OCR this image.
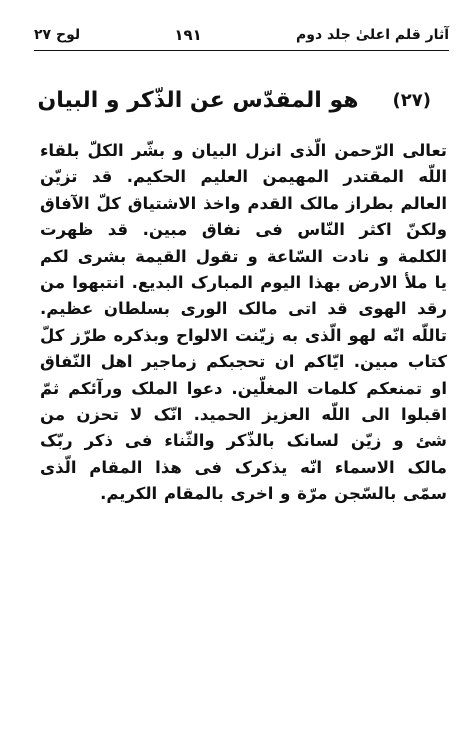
آثار قلم اعلیٰ جلد دوم
۱۹۱
لوح ۲۷
(۲۷)
هو المقدّس عن الذّکر و البیان
تعالی الرّحمن الّذی انزل البیان و بشّر الکلّ بلقاء اللّه المقتدر المهیمن العلیم الحکیم. قد تزیّن العالم بطراز مالک القدم واخذ الاشتیاق کلّ الآفاق ولکنّ اکثر النّاس فی نفاق مبین. قد ظهرت الکلمة و نادت السّاعة و تقول القیمة بشری لکم یا ملأ الارض بهذا الیوم المبارک البدیع. انتبهوا من رقد الهوی قد اتی مالک الوری بسلطان عظیم. تاللّه انّه لهو الّذی به زیّنت الالواح وبذکره طرّز کلّ کتاب مبین. ایّاکم ان تحجبکم زماجیر اهل النّفاق او تمنعکم کلمات المغلّین. دعوا الملک ورآئکم ثمّ اقبلوا الی اللّه العزیز الحمید. انّک لا تحزن من شئ و زیّن لسانک بالذّکر والثّناء فی ذکر ربّک مالک الاسماء انّه یذکرک فی هذا المقام الّذی سمّی بالسّجن مرّة و اخری بالمقام الکریم.
